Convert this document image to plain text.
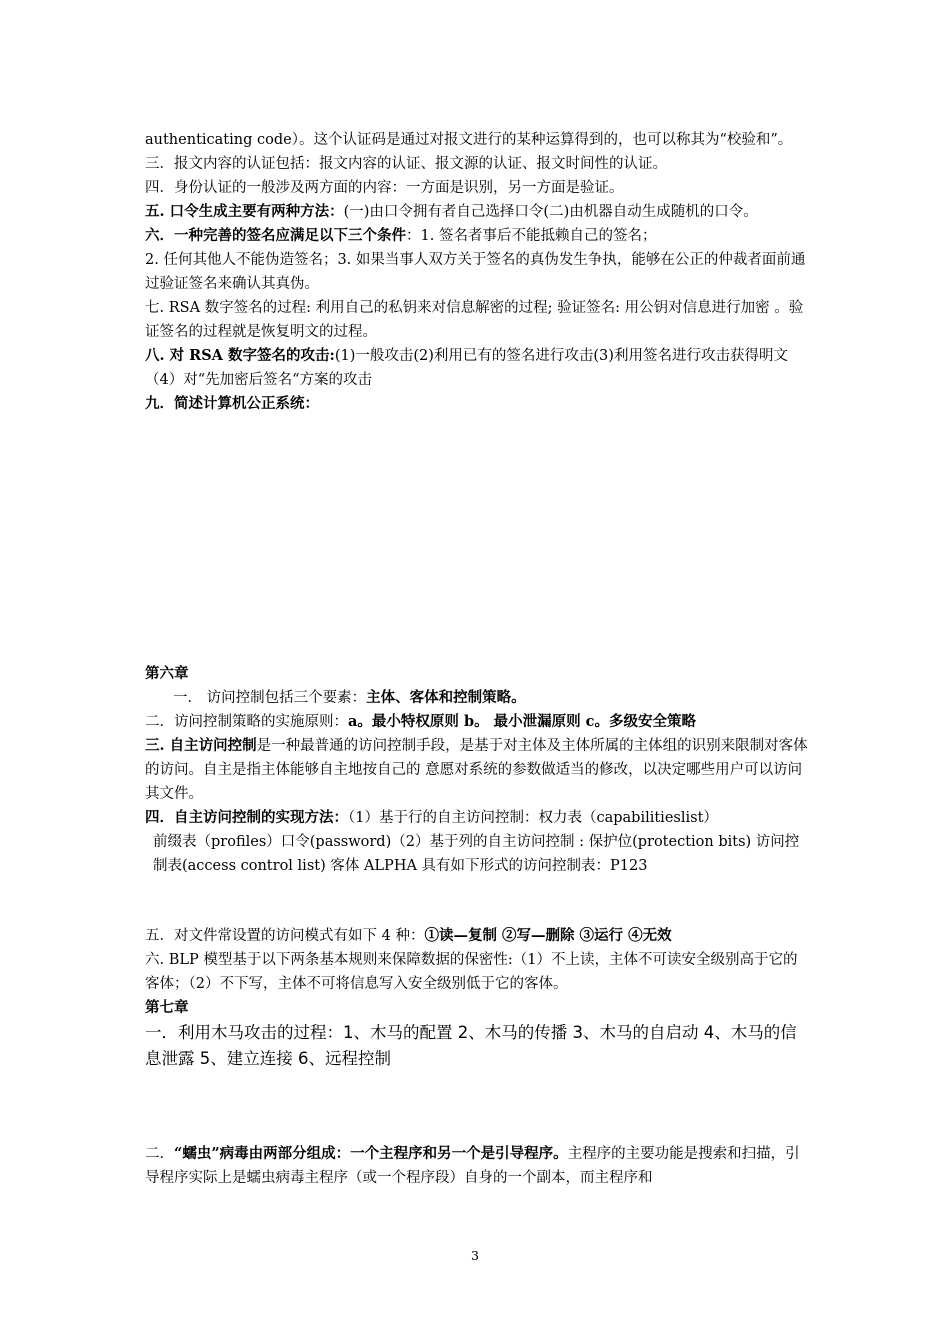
authenticating code）。这个认证码是通过对报文进行的某种运算得到的，也可以称其为“校验和”。

三．报文内容的认证包括：报文内容的认证、报文源的认证、报文时间性的认证。

四．身份认证的一般涉及两方面的内容：一方面是识别，另一方面是验证。

五. 口令生成主要有两种方法：(一)由口令拥有者自己选择口令(二)由机器自动生成随机的口令。

六．一种完善的签名应满足以下三个条件：1. 签名者事后不能抵赖自己的签名；

2. 任何其他人不能伪造签名；3. 如果当事人双方关于签名的真伪发生争执，能够在公正的仲裁者面前通过验证签名来确认其真伪。

七. RSA 数字签名的过程: 利用自己的私钥来对信息解密的过程; 验证签名: 用公钥对信息进行加密 。验证签名的过程就是恢复明文的过程。

八. 对 RSA 数字签名的攻击:(1)一般攻击(2)利用已有的签名进行攻击(3)利用签名进行攻击获得明文 （4）对“先加密后签名“方案的攻击

九．简述计算机公正系统：

第六章

一． 访问控制包括三个要素：主体、客体和控制策略。

二．访问控制策略的实施原则：a。最小特权原则 b。 最小泄漏原则 c。多级安全策略

三. 自主访问控制是一种最普通的访问控制手段，是基于对主体及主体所属的主体组的识别来限制对客体的访问。自主是指主体能够自主地按自己的 意愿对系统的参数做适当的修改，以决定哪些用户可以访问其文件。

四．自主访问控制的实现方法：（1）基于行的自主访问控制：权力表（capabilitieslist）

前缀表（profiles）口令(password)（2）基于列的自主访问控制 : 保护位(protection bits) 访问控制表(access control list) 客体 ALPHA 具有如下形式的访问控制表：P123

五．对文件常设置的访问模式有如下 4 种：①读—复制 ②写—删除 ③运行 ④无效

六. BLP 模型基于以下两条基本规则来保障数据的保密性:（1）不上读，主体不可读安全级别高于它的客体；（2）不下写，主体不可将信息写入安全级别低于它的客体。

第七章

一．利用木马攻击的过程：1、木马的配置 2、木马的传播 3、木马的自启动 4、木马的信息泄露 5、建立连接 6、远程控制

二．“蠕虫”病毒由两部分组成：一个主程序和另一个是引导程序。主程序的主要功能是搜索和扫描，引导程序实际上是蠕虫病毒主程序（或一个程序段）自身的一个副本，而主程序和

3
